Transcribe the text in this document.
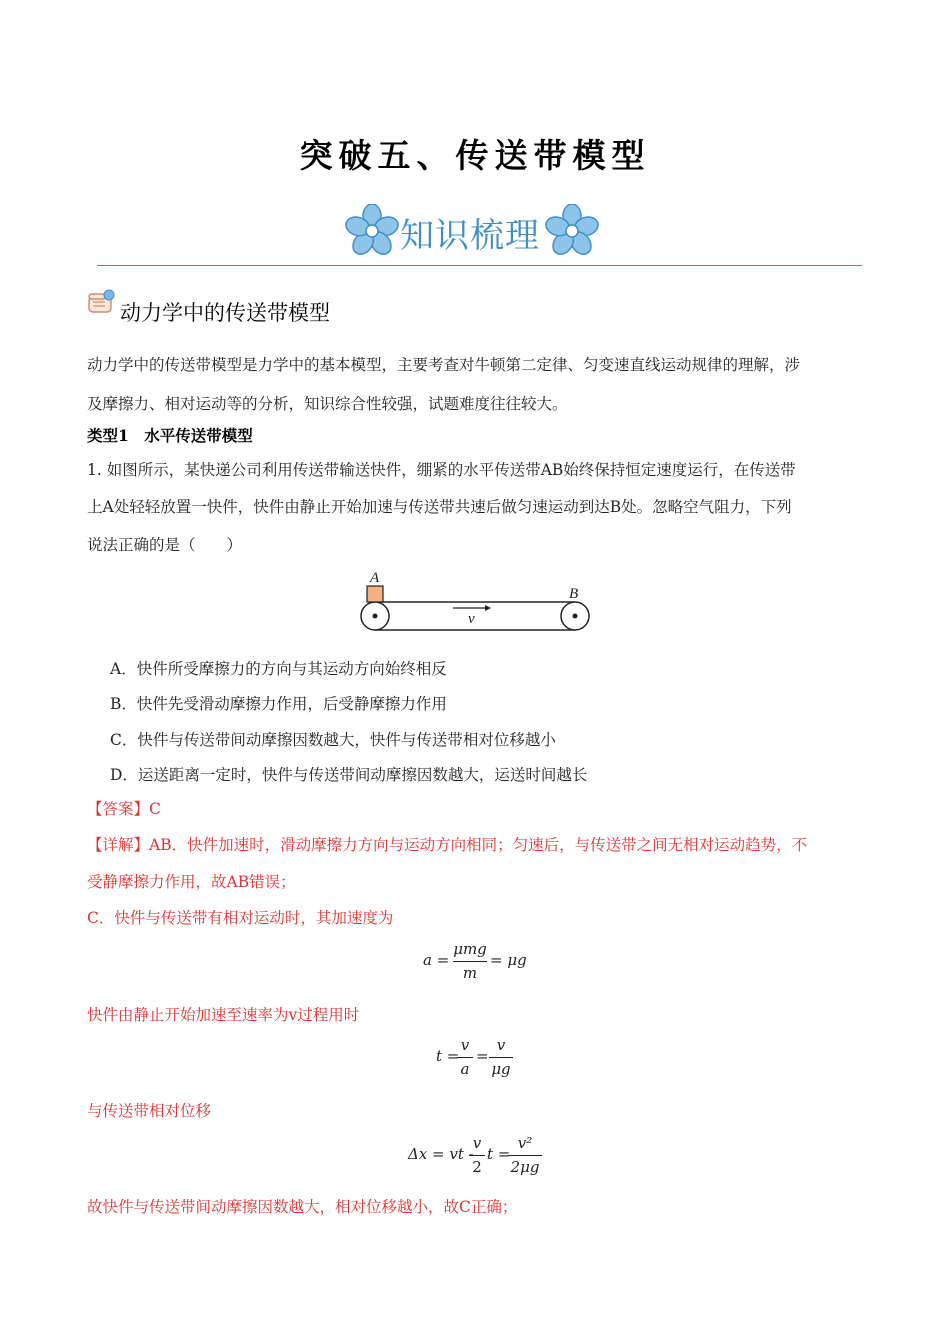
突破五、传送带模型
知识梳理
动力学中的传送带模型
动力学中的传送带模型是力学中的基本模型，主要考查对牛顿第二定律、匀变速直线运动规律的理解，涉
及摩擦力、相对运动等的分析，知识综合性较强，试题难度往往较大。
类型1　水平传送带模型
1. 如图所示，某快递公司利用传送带输送快件，绷紧的水平传送带AB始终保持恒定速度运行，在传送带
上A处轻轻放置一快件，快件由静止开始加速与传送带共速后做匀速运动到达B处。忽略空气阻力，下列
说法正确的是（　　）
A
B
v
A．快件所受摩擦力的方向与其运动方向始终相反
B．快件先受滑动摩擦力作用，后受静摩擦力作用
C．快件与传送带间动摩擦因数越大，快件与传送带相对位移越小
D．运送距离一定时，快件与传送带间动摩擦因数越大，运送时间越长
【答案】C
【详解】AB．快件加速时，滑动摩擦力方向与运动方向相同；匀速后，与传送带之间无相对运动趋势，不
受静摩擦力作用，故AB错误；
C．快件与传送带有相对运动时，其加速度为
a =
μmg
m
= μg
快件由静止开始加速至速率为v过程用时
t =
v
a
=
v
μg
与传送带相对位移
Δx = vt -
v
2
t =
v²
2μg
故快件与传送带间动摩擦因数越大，相对位移越小，故C正确；
